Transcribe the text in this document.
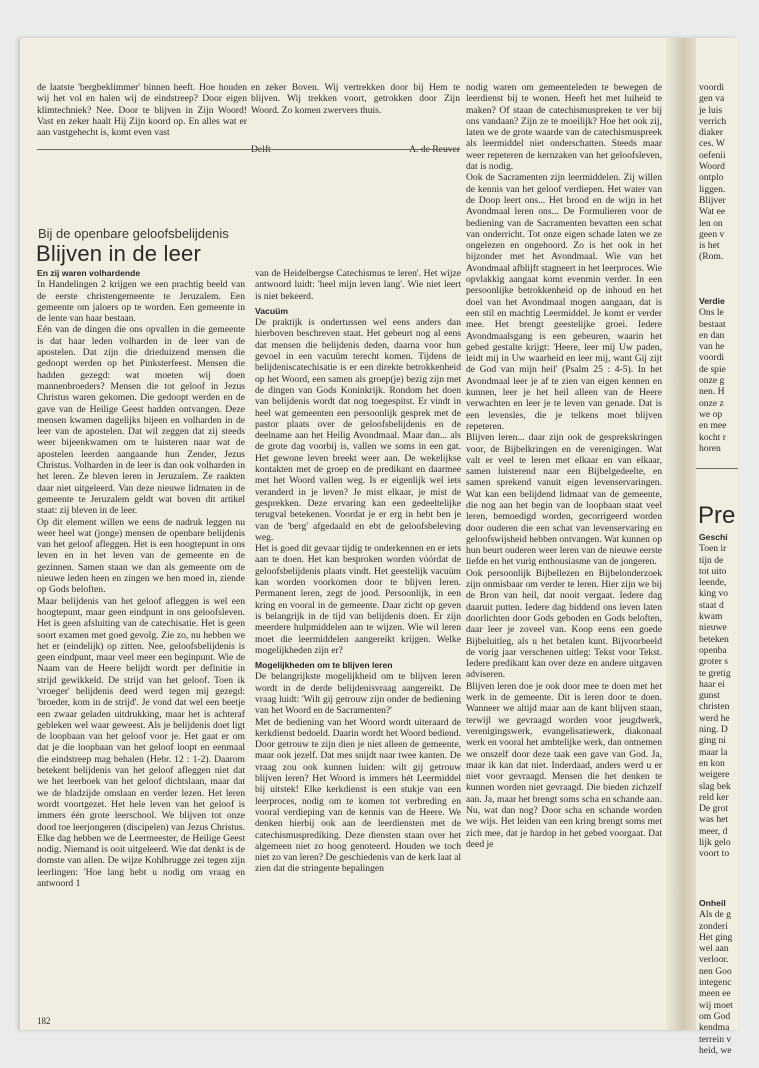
de laatste 'bergbeklimmer' binnen heeft. Hoe houden wij het vol en halen wij de eindstreep? Door eigen klimtechniek? Nee. Door te blijven in Zijn Woord! Vast en zeker haalt Hij Zijn koord op. En alles wat er aan vastgehecht is, komt even vast

en zeker Boven. Wij vertrekken door bij Hem te blijven. Wij trekken voort, getrokken door Zijn Woord. Zo komen zwervers thuis.

Delft	A. de Reuver
Bij de openbare geloofsbelijdenis
Blijven in de leer

En zij waren volhardende

In Handelingen 2 krijgen we een prachtig beeld van de eerste christengemeente te Jeruzalem. Een gemeente om jaloers op te worden. Een gemeente in de lente van haar bestaan.

Eén van de dingen die ons opvallen in die gemeente is dat haar leden volharden in de leer van de apostelen. Dat zijn die drieduizend mensen die gedoopt werden op het Pinksterfeest. Mensen die hadden gezegd: wat moeten wij doen mannenbroeders? Mensen die tot geloof in Jezus Christus waren gekomen. Die gedoopt werden en de gave van de Heilige Geest hadden ontvangen. Deze mensen kwamen dagelijks bijeen en volharden in de leer van de apostelen. Dat wil zeggen dat zij steeds weer bijeenkwamen om te luisteren naar wat de apostelen leerden aangaande hun Zender, Jezus Christus. Volharden in de leer is dan ook volharden in het leren. Ze bleven leren in Jeruzalem. Ze raakten daar niet uitgeleerd. Van deze nieuwe lidmaten in de gemeente te Jeruzalem geldt wat boven dit artikel staat: zij bleven in de leer.

Op dit element willen we eens de nadruk leggen nu weer heel wat (jonge) mensen de openbare belijdenis van het geloof afleggen. Het is een hoogtepunt in ons leven en in het leven van de gemeente en de gezinnen. Samen staan we dan als gemeente om de nieuwe leden heen en zingen we hen moed in, ziende op Gods beloften.

Maar belijdenis van het geloof afleggen is wel een hoogtepunt, maar geen eindpunt in ons geloofsleven. Het is geen afsluiting van de catechisatie. Het is geen soort examen met goed gevolg. Zie zo, nu hebben we het er (eindelijk) op zitten. Nee, geloofsbelijdenis is geen eindpunt, maar veel meer een beginpunt. Wie de Naam van de Heere belijdt wordt per definitie in strijd gewikkeld. De strijd van het geloof. Toen ik 'vroeger' belijdenis deed werd tegen mij gezegd: 'broeder, kom in de strijd'. Je vond dat wel een beetje een zwaar geladen uitdrukking, maar het is achteraf gebleken wel waar geweest. Als je belijdenis doet ligt de loopbaan van het geloof voor je. Het gaat er om dat je die loopbaan van het geloof loopt en eenmaal die eindstreep mag behalen (Hebr. 12 : 1-2). Daarom betekent belijdenis van het geloof afleggen niet dat we het leerboek van het geloof dichtslaan, maar dat we de bladzijde omslaan en verder lezen. Het leren wordt voortgezet. Het hele leven van het geloof is immers één grote leerschool. We blijven tot onze dood toe leerjongeren (discipelen) van Jezus Christus. Elke dag hebben we de Leermeester, de Heilige Geest nodig. Niemand is ooit uitgeleerd. Wie dat denkt is de domste van allen. De wijze Kohlbrugge zei tegen zijn leerlingen: 'Hoe lang hebt u nodig om vraag en antwoord 1

van de Heidelbergse Catechismus te leren'. Het wijze antwoord luidt: 'heel mijn leven lang'. Wie niet leert is niet bekeerd.

Vacuüm

De praktijk is ondertussen wel eens anders dan hierboven beschreven staat. Het gebeurt nog al eens dat mensen die belijdenis deden, daarna voor hun gevoel in een vacuüm terecht komen. Tijdens de belijdeniscatechisatie is er een direkte betrokkenheid op het Woord, een samen als groep(je) bezig zijn met de dingen van Gods Koninkrijk. Rondom het doen van belijdenis wordt dat nog toegespitst. Er vindt in heel wat gemeenten een persoonlijk gesprek met de pastor plaats over de geloofsbelijdenis en de deelname aan het Heilig Avondmaal. Maar dan... als de grote dag voorbij is, vallen we soms in een gat. Het gewone leven breekt weer aan. De wekelijkse kontakten met de groep en de predikant en daarmee met het Woord vallen weg. Is er eigenlijk wel iets veranderd in je leven? Je mist elkaar, je mist de gesprekken. Deze ervaring kan een gedeeltelijke terugval betekenen. Voordat je er erg in hebt ben je van de 'berg' afgedaald en ebt de geloofsbeleving weg.

Het is goed dit gevaar tijdig te onderkennen en er iets aan te doen. Het kan besproken worden vóórdat de geloofsbelijdenis plaats vindt. Het geestelijk vacuüm kan worden voorkomen door te blijven leren. Permanent leren, zegt de jood. Persoonlijk, in een kring en vooral in de gemeente. Daar zicht op geven is belangrijk in de tijd van belijdenis doen. Er zijn meerdere hulpmiddelen aan te wijzen. Wie wil leren moet die leermiddelen aangereikt krijgen. Welke mogelijkheden zijn er?

Mogelijkheden om te blijven leren

De belangrijkste mogelijkheid om te blijven leren wordt in de derde belijdenisvraag aangereikt. De vraag luidt: 'Wilt gij getrouw zijn onder de bediening van het Woord en de Sacramenten?'

Met de bediening van het Woord wordt uiteraard de kerkdienst bedoeld. Daarin wordt het Woord bediend. Door getrouw te zijn dien je niet alleen de gemeente, maar ook jezelf. Dat mes snijdt naar twee kanten. De vraag zou ook kunnen luiden: wilt gij getrouw blijven leren? Het Woord is immers hét Leermiddel bij uitstek! Elke kerkdienst is een stukje van een leerproces, nodig om te komen tot verbreding en vooral verdieping van de kennis van de Heere. We denken hierbij ook aan de leerdiensten met de catechismusprediking. Deze diensten staan over het algemeen niet zo hoog genoteerd. Houden we toch niet zo van leren? De geschiedenis van de kerk laat al zien dat die stringente bepalingen

nodig waren om gemeenteleden te bewegen de leerdienst bij te wonen. Heeft het met luiheid te maken? Of staan de catechismuspreken te ver bij ons vandaan? Zijn ze te moeilijk? Hoe het ook zij, laten we de grote waarde van de catechismuspreek als leermiddel niet onderschatten. Steeds maar weer repeteren de kernzaken van het geloofsleven, dat is nodig.

Ook de Sacramenten zijn leermiddelen. Zij willen de kennis van het geloof verdiepen. Het water van de Doop leert ons... Het brood en de wijn in het Avondmaal leren ons... De Formulieren voor de bediening van de Sacramenten bevatten een schat van onderricht. Tot onze eigen schade laten we ze ongelezen en ongehoord. Zo is het ook in het bijzonder met het Avondmaal. Wie van het Avondmaal afblijft stagneert in het leerproces. Wie opvlakkig aangaat komt evenmin verder. In een persoonlijke betrokkenheid op de inhoud en het doel van het Avondmaal mogen aangaan, dat is een stil en machtig Leermiddel. Je komt er verder mee. Het brengt geestelijke groei. Iedere Avondmaalsgang is een gebeuren, waarin het gebed gestalte krijgt: 'Heere, leer mij Uw paden, leidt mij in Uw waarheid en leer mij, want Gij zijt de God van mijn heil' (Psalm 25 : 4-5). In het Avondmaal leer je af te zien van eigen kennen en kunnen, leer je het heil alleen van de Heere verwachten en leer je te leven van genade. Dat is een levensles, die je telkens moet blijven repeteren.

Blijven leren... daar zijn ook de gesprekskringen voor, de Bijbelkringen en de verenigingen. Wat valt er veel te leren met elkaar en van elkaar, samen luisterend naar een Bijbelgedeelte, en samen sprekend vanuit eigen levenservaringen. Wat kan een belijdend lidmaat van de gemeente, die nog aan het begin van de loopbaan staat veel leren, bemoedigd worden, gecorrigeerd worden door ouderen die een schat van levenservaring en geloofswijsheid hebben ontvangen. Wat kunnen op hun beurt ouderen weer leren van de nieuwe eerste liefde en het vurig enthousiasme van de jongeren.

Ook persoonlijk Bijbellezen en Bijbelonderzoek zijn onmisbaar om verder te leren. Hier zijn we bij de Bron van heil, dat nooit vergaat. Iedere dag daaruit putten. Iedere dag biddend ons leven laten doorlichten door Gods geboden en Gods beloften, daar leer je zoveel van. Koop eens een goede Bijbeluitleg, als u het betalen kunt. Bijvoorbeeld de vorig jaar verschenen uitleg: Tekst voor Tekst. Iedere predikant kan over deze en andere uitgaven adviseren.

Blijven leren doe je ook door mee te doen met het werk in de gemeente. Dit is leren door te doen. Wanneer we altijd maar aan de kant blijven staan, terwijl we gevraagd worden voor jeugdwerk, verenigingswerk, evangelisatiewerk, diakonaal werk en vooral het ambtelijke werk, dan ontnemen we onszelf door deze taak een gave van God. Ja, maar ik kan dat niet. Inderdaad, anders werd u er niet voor gevraagd. Mensen die het denken te kunnen worden niet gevraagd. Die bieden zichzelf aan. Ja, maar het brengt soms scha en schande aan. Nu, wat dan nog? Door scha en schande worden we wijs. Het leiden van een kring brengt soms met zich mee, dat je hardop in het gebed voorgaat. Dat deed je

182
voordi
gen va
je luis
verrich
diaker
ces. W
oefenii
Woord
ontplo
liggen.
Blijver
Wat ee
len on
geen v
is het
(Rom.
Verdie
Ons le
bestaat
en dan
van he
voordi
de spie
onze g
nen. H
onze z
we op
en mee
kocht r
horen
Pre
Geschi
Toen ir
tijn de
tot uito
leende,
king vo
staat d
kwam
nieuwe
beteken
openba
groter s
te gretig
haar ei
gunst
christen
werd he
ning. D
ging ni
maar la
en kon
weigere
slag bek
reld ker
De grot
was het
meer, d
lijk gelo
voort to
Onheil
Als de g
zonderi
Het ging
wel aan
verloor.
nen Goo
integenc
meen ee
wij moet
om God
kendma
terrein v
heid, we
